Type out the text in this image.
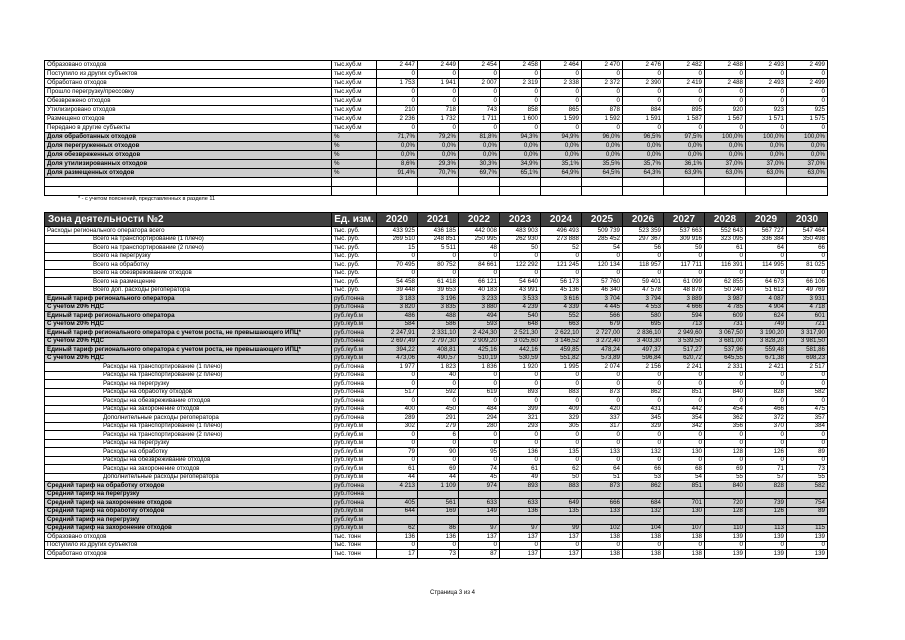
Образовано отходов	тыс.куб.м	2 447	2 449	2 454	2 458	2 464	2 470	2 476	2 482	2 488	2 493	2 499
Поступило из других субъектов	тыс.куб.м	0	0	0	0	0	0	0	0	0	0	0
Обработано отходов	тыс.куб.м	1 753	1 941	2 007	2 319	2 338	2 372	2 390	2 419	2 488	2 493	2 499
Прошло перегрузку/прессовку	тыс.куб.м	0	0	0	0	0	0	0	0	0	0	0
Обезврежено отходов	тыс.куб.м	0	0	0	0	0	0	0	0	0	0	0
Утилизировано отходов	тыс.куб.м	210	718	743	858	865	878	884	895	920	923	925
Размещено отходов	тыс.куб.м	2 236	1 732	1 711	1 600	1 599	1 592	1 591	1 587	1 567	1 571	1 575
Передано в другие субъекты	тыс.куб.м	0	0	0	0	0	0	0	0	0	0	0
Доля обработанных отходов	%	71,7%	79,2%	81,8%	94,3%	94,9%	96,0%	96,5%	97,5%	100,0%	100,0%	100,0%
Доля перегруженных отходов	%	0,0%	0,0%	0,0%	0,0%	0,0%	0,0%	0,0%	0,0%	0,0%	0,0%	0,0%
Доля обезвреженных отходов	%	0,0%	0,0%	0,0%	0,0%	0,0%	0,0%	0,0%	0,0%	0,0%	0,0%	0,0%
Доля утилизированных отходов	%	8,6%	29,3%	30,3%	34,9%	35,1%	35,5%	35,7%	36,1%	37,0%	37,0%	37,0%
Доля размещенных отходов	%	91,4%	70,7%	69,7%	65,1%	64,9%	64,5%	64,3%	63,9%	63,0%	63,0%	63,0%

* - с учетом пояснений, представленных в разделе 11
Зона деятельности №2	Ед. изм.	2020	2021	2022	2023	2024	2025	2026	2027	2028	2029	2030
Расходы регионального оператора всего	тыс. руб.	433 925	436 185	442 008	483 903	496 493	509 739	523 359	537 663	552 643	567 727	547 464
Всего на транспортирование (1 плечо)	тыс. руб.	269 510	248 851	250 995	262 930	273 888	285 452	297 367	309 916	323 095	336 384	350 498
Всего на транспортирование (2 плечо)	тыс. руб.	15	5 511	48	50	52	54	56	59	61	64	66
Всего на перегрузку	тыс. руб.	0	0	0	0	0	0	0	0	0	0	0
Всего на обработку	тыс. руб.	70 495	80 752	84 661	122 292	121 245	120 134	118 957	117 711	116 391	114 995	81 025
Всего на обезвреживание отходов	тыс. руб.	0	0	0	0	0	0	0	0	0	0	0
Всего на размещение	тыс. руб.	54 458	61 418	66 121	54 640	56 173	57 760	59 401	61 099	62 855	64 673	66 106
Всего доп. расходы регоператора	тыс. руб.	39 448	39 653	40 183	43 991	45 136	46 340	47 578	48 878	50 240	51 612	49 769
Единый тариф регионального оператора	руб./тонна	3 183	3 196	3 233	3 533	3 616	3 704	3 794	3 889	3 987	4 087	3 931
С учетом 20% НДС	руб./тонна	3 820	3 835	3 880	4 239	4 339	4 445	4 553	4 666	4 785	4 904	4 718
Единый тариф регионального оператора	руб./куб.м	486	488	494	540	552	566	580	594	609	624	601
С учетом 20% НДС	руб./куб.м	584	586	593	648	663	679	695	713	731	749	721
Единый тариф регионального оператора с учетом роста, не превышающего ИПЦ*	руб./тонна	2 247,91	2 331,10	2 424,30	2 521,30	2 622,10	2 727,00	2 836,10	2 949,60	3 067,50	3 190,20	3 317,90
С учетом 20% НДС	руб./тонна	2 697,49	2 797,30	2 909,20	3 025,60	3 146,52	3 272,40	3 403,30	3 539,50	3 681,00	3 828,20	3 981,50
Единый тариф регионального оператора с учетом роста, не превышающего ИПЦ*	руб./куб.м	394,22	408,81	425,16	442,16	459,85	478,24	497,37	517,27	537,96	559,48	581,86
С учетом 20% НДС	руб./куб.м	473,06	490,57	510,19	530,59	551,82	573,89	596,84	620,72	645,55	671,38	698,23
Расходы на транспортирование (1 плечо)	руб./тонна	1 977	1 823	1 836	1 920	1 995	2 074	2 156	2 241	2 331	2 421	2 517
Расходы на транспортирование (2 плечо)	руб./тонна	0	40	0	0	0	0	0	0	0	0	0
Расходы на перегрузку	руб./тонна	0	0	0	0	0	0	0	0	0	0	0
Расходы на обработку отходов	руб./тонна	517	592	619	893	883	873	862	851	840	828	582
Расходы на обезвреживание отходов	руб./тонна	0	0	0	0	0	0	0	0	0	0	0
Расходы на захоронение отходов	руб./тонна	400	450	484	399	409	420	431	442	454	466	475
Дополнительные расходы регоператора	руб./тонна	289	291	294	321	329	337	345	354	362	372	357
Расходы на транспортирование (1 плечо)	руб./куб.м	302	279	280	293	305	317	329	342	356	370	384
Расходы на транспортирование (2 плечо)	руб./куб.м	0	6	0	0	0	0	0	0	0	0	0
Расходы на перегрузку	руб./куб.м	0	0	0	0	0	0	0	0	0	0	0
Расходы на обработку	руб./куб.м	79	90	95	136	135	133	132	130	128	126	89
Расходы на обезвреживание отходов	руб./куб.м	0	0	0	0	0	0	0	0	0	0	0
Расходы на захоронение отходов	руб./куб.м	61	69	74	61	62	64	66	68	69	71	73
Дополнительные расходы регоператора	руб./куб.м	44	44	45	49	50	51	53	54	55	57	55
Средний тариф на обработку отходов	руб./тонна	4 213	1 109	974	893	883	873	862	851	840	828	582
Средний тариф на перегрузку	руб./тонна											
Средний тариф на захоронение отходов	руб./тонна	405	561	633	633	649	666	684	701	720	739	754
Средний тариф на обработку отходов	руб./куб.м	644	169	149	136	135	133	132	130	128	126	89
Средний тариф на перегрузку	руб./куб.м											
Средний тариф на захоронение отходов	руб./куб.м	62	86	97	97	99	102	104	107	110	113	115
Образовано отходов	тыс. тонн	136	136	137	137	137	138	138	138	139	139	139
Поступило из других субъектов	тыс. тонн	0	0	0	0	0	0	0	0	0	0	0
Обработано отходов	тыс. тонн	17	73	87	137	137	138	138	138	139	139	139
Страница 3 из 4
